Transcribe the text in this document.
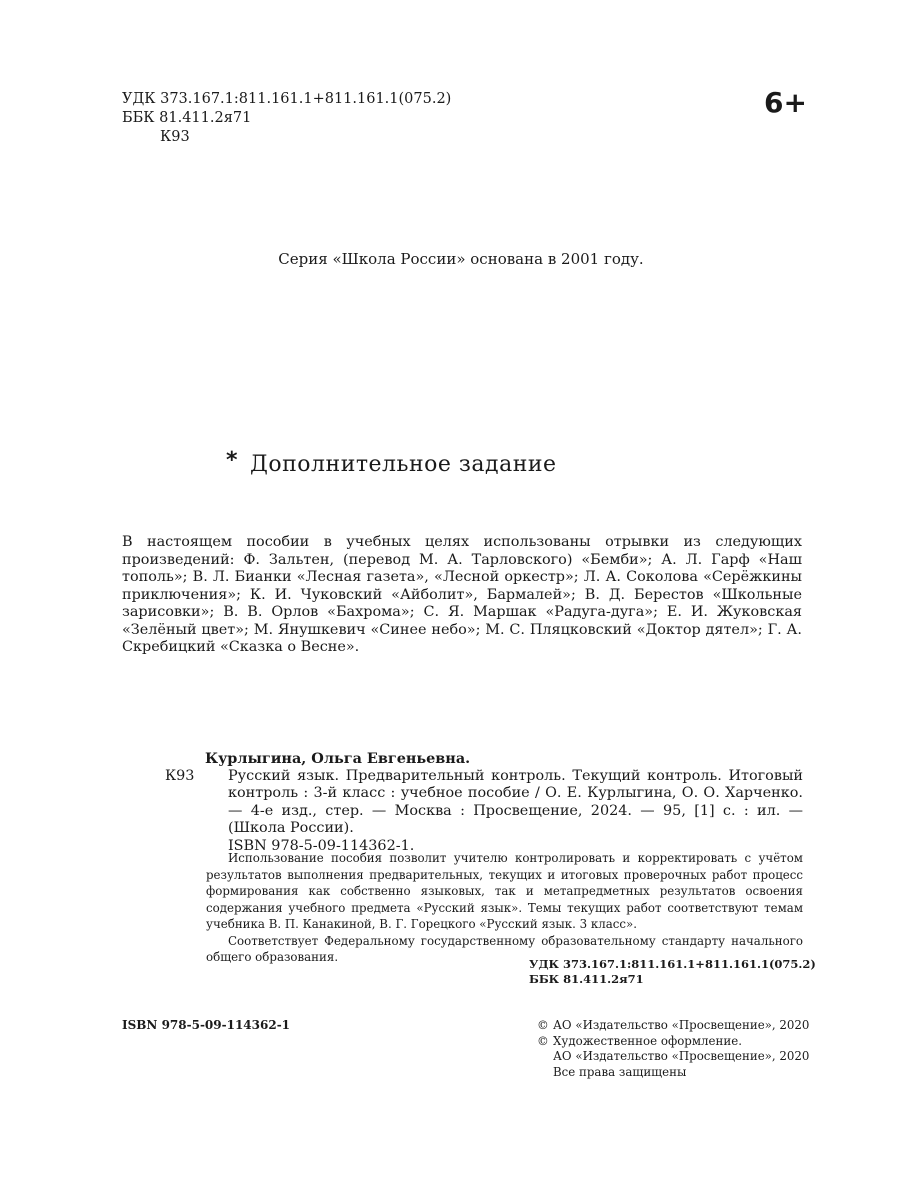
УДК 373.167.1:811.161.1+811.161.1(075.2)
ББК 81.411.2я71
К93
6+
Серия «Школа России» основана в 2001 году.
* Дополнительное задание

В настоящем пособии в учебных целях использованы отрывки из следующих произведений: Ф. Зальтен, (перевод М. А. Тарловского) «Бемби»; А. Л. Гарф «Наш тополь»; В. Л. Бианки «Лесная газета», «Лесной оркестр»; Л. А. Соколова «Серёжкины приключения»; К. И. Чуковский «Айболит», Бармалей»; В. Д. Берестов «Школьные зарисовки»; В. В. Орлов «Бахрома»; С. Я. Маршак «Радуга-дуга»; Е. И. Жуковская «Зелёный цвет»; М. Янушкевич «Синее небо»; М. С. Пляцковский «Доктор дятел»; Г. А. Скребицкий «Сказка о Весне».

Курлыгина, Ольга Евгеньевна.
К93	Русский язык. Предварительный контроль. Текущий контроль. Итоговый контроль : 3-й класс : учебное пособие / О. Е. Курлыгина, О. О. Харченко. — 4-е изд., стер. — Москва : Просвещение, 2024. — 95, [1] с. : ил. — (Школа России).
ISBN 978-5-09-114362-1.

Использование пособия позволит учителю контролировать и корректировать с учётом результатов выполнения предварительных, текущих и итоговых проверочных работ процесс формирования как собственно языковых, так и метапредметных результатов освоения содержания учебного предмета «Русский язык». Темы текущих работ соответствуют темам учебника В. П. Канакиной, В. Г. Горецкого «Русский язык. 3 класс».

Соответствует Федеральному государственному образовательному стандарту начального общего образования.	УДК 373.167.1:811.161.1+811.161.1(075.2)
ББК 81.411.2я71
ISBN 978-5-09-114362-1	© АО «Издательство «Просвещение», 2020
© Художественное оформление.
АО «Издательство «Просвещение», 2020
Все права защищены
